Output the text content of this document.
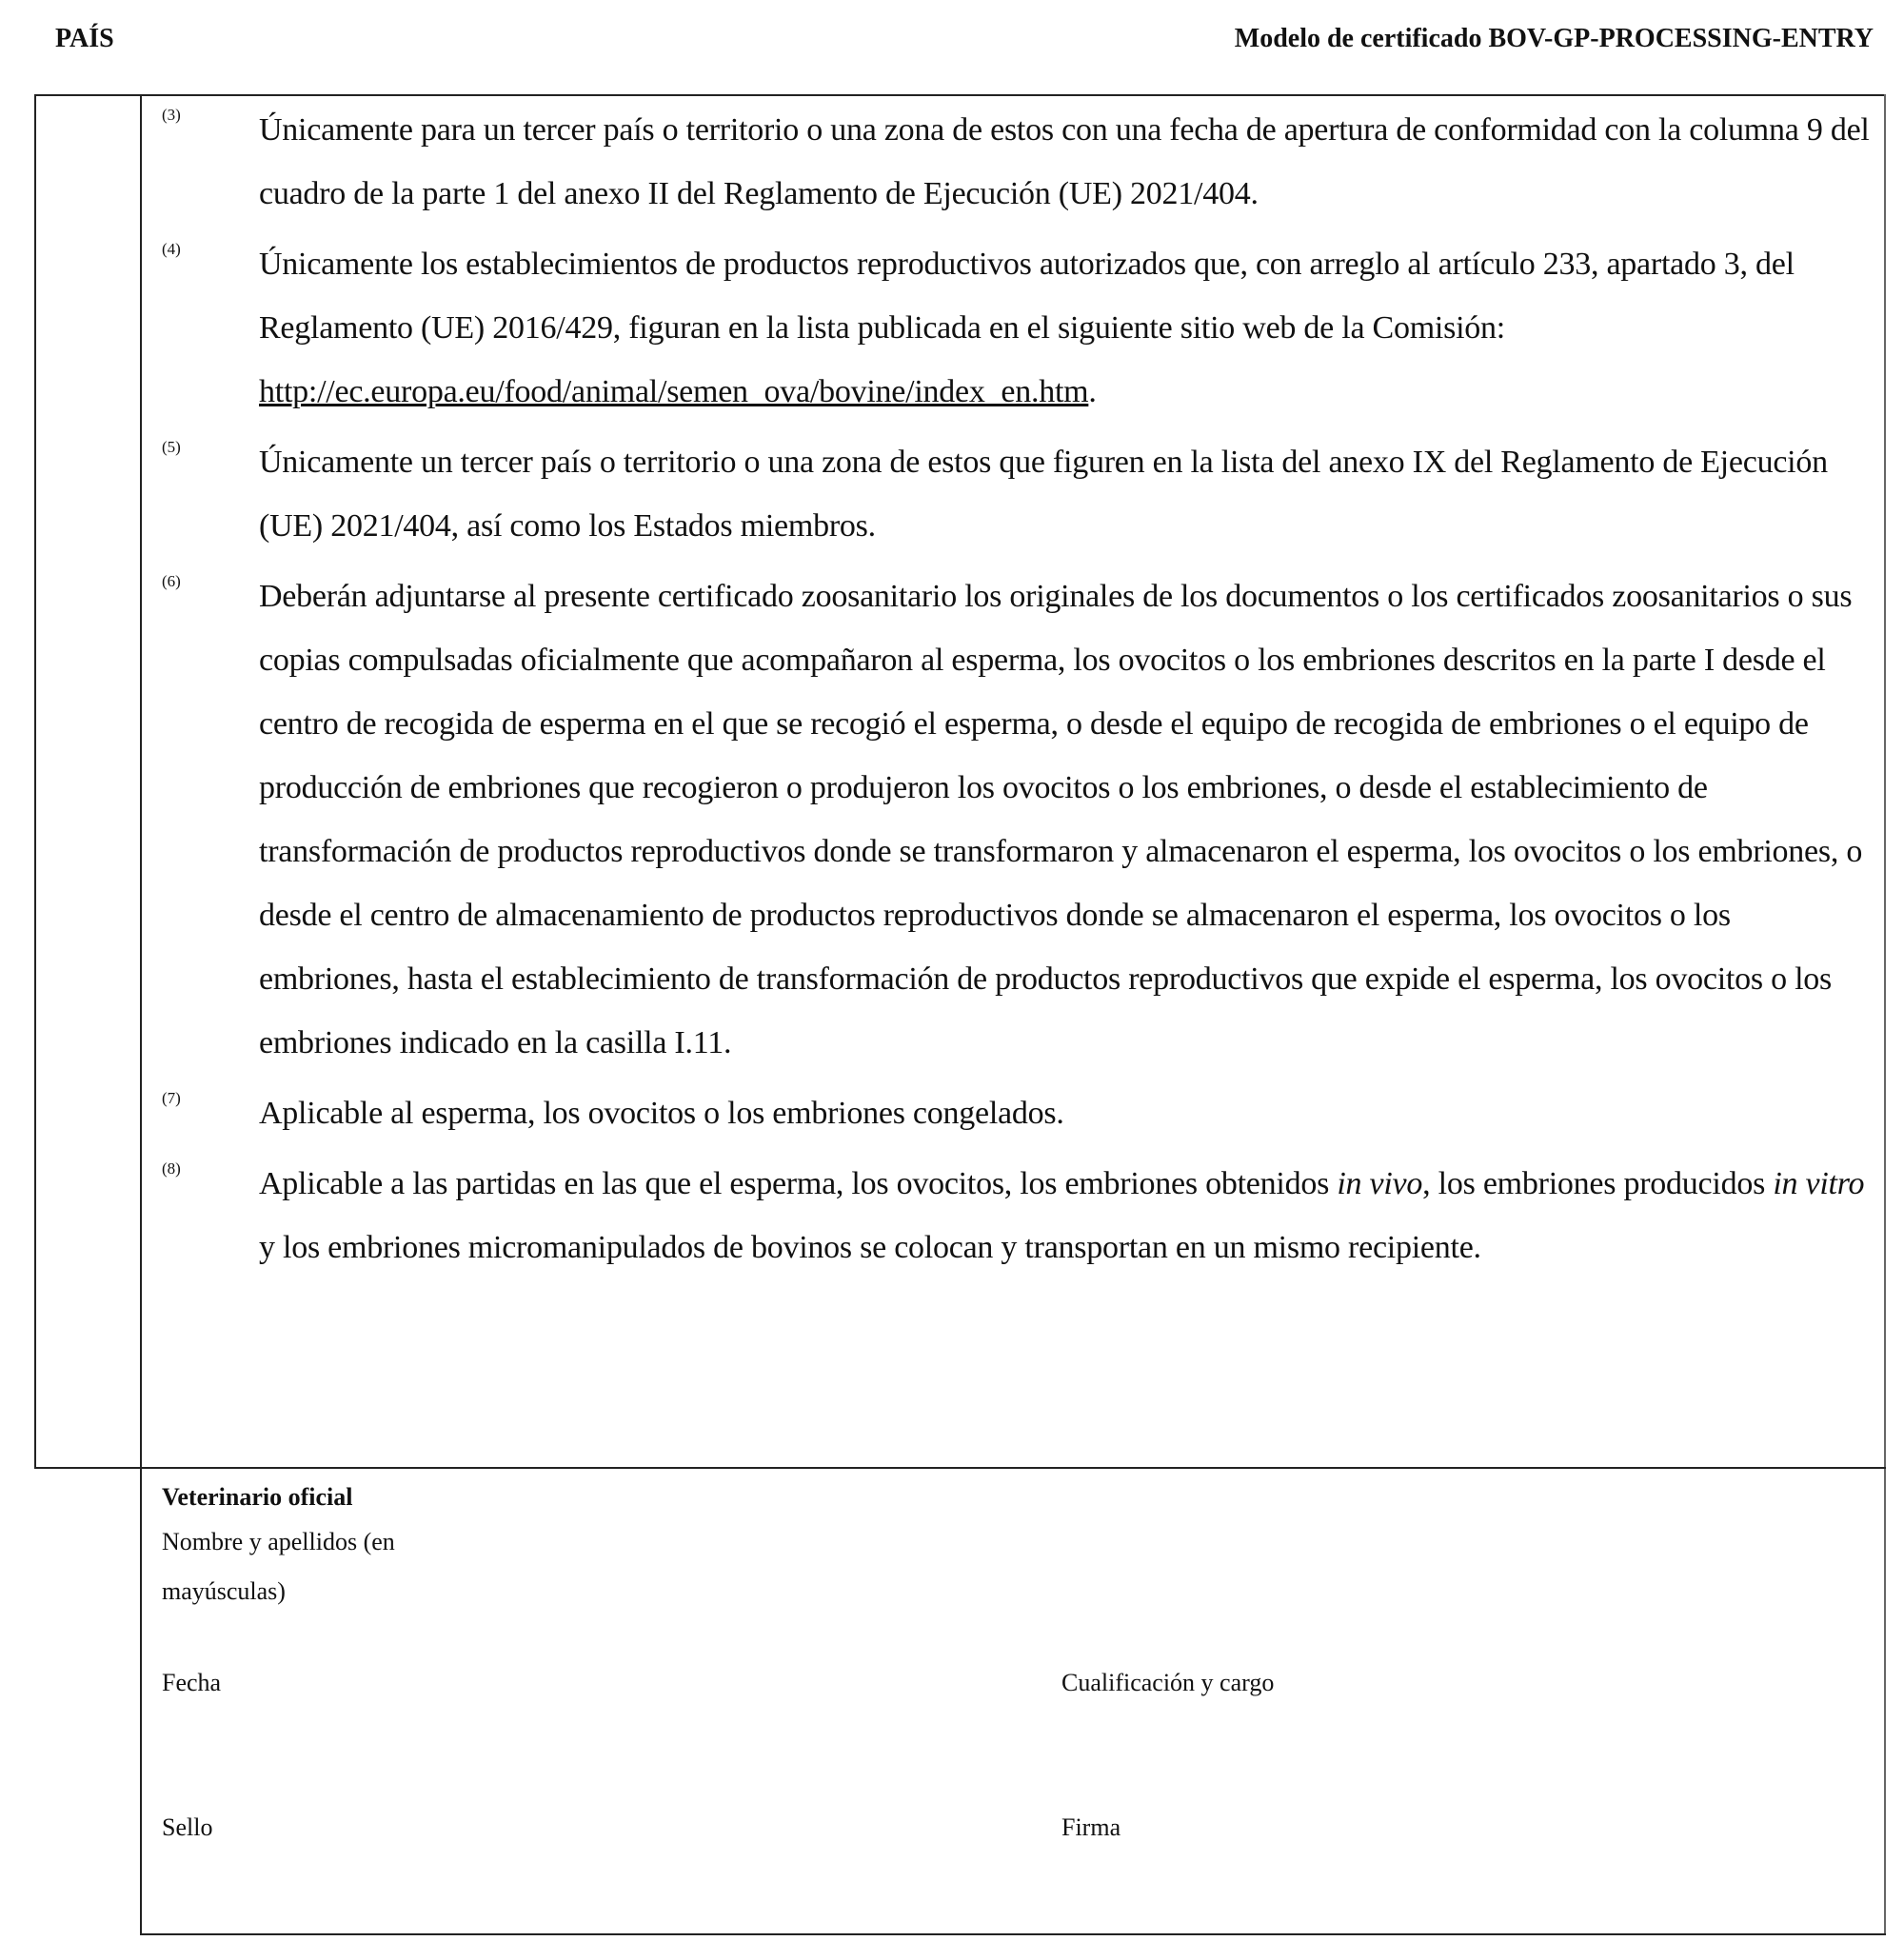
PAÍS	Modelo de certificado BOV-GP-PROCESSING-ENTRY
(3)	Únicamente para un tercer país o territorio o una zona de estos con una fecha de apertura de conformidad con la columna 9 del cuadro de la parte 1 del anexo II del Reglamento de Ejecución (UE) 2021/404.
(4)	Únicamente los establecimientos de productos reproductivos autorizados que, con arreglo al artículo 233, apartado 3, del Reglamento (UE) 2016/429, figuran en la lista publicada en el siguiente sitio web de la Comisión: http://ec.europa.eu/food/animal/semen_ova/bovine/index_en.htm.
(5)	Únicamente un tercer país o territorio o una zona de estos que figuren en la lista del anexo IX del Reglamento de Ejecución (UE) 2021/404, así como los Estados miembros.
(6)	Deberán adjuntarse al presente certificado zoosanitario los originales de los documentos o los certificados zoosanitarios o sus copias compulsadas oficialmente que acompañaron al esperma, los ovocitos o los embriones descritos en la parte I desde el centro de recogida de esperma en el que se recogió el esperma, o desde el equipo de recogida de embriones o el equipo de producción de embriones que recogieron o produjeron los ovocitos o los embriones, o desde el establecimiento de transformación de productos reproductivos donde se transformaron y almacenaron el esperma, los ovocitos o los embriones, o desde el centro de almacenamiento de productos reproductivos donde se almacenaron el esperma, los ovocitos o los embriones, hasta el establecimiento de transformación de productos reproductivos que expide el esperma, los ovocitos o los embriones indicado en la casilla I.11.
(7)	Aplicable al esperma, los ovocitos o los embriones congelados.
(8)	Aplicable a las partidas en las que el esperma, los ovocitos, los embriones obtenidos in vivo, los embriones producidos in vitro y los embriones micromanipulados de bovinos se colocan y transportan en un mismo recipiente.
Veterinario oficial
Nombre y apellidos (en mayúsculas)
Fecha	Cualificación y cargo
Sello	Firma
